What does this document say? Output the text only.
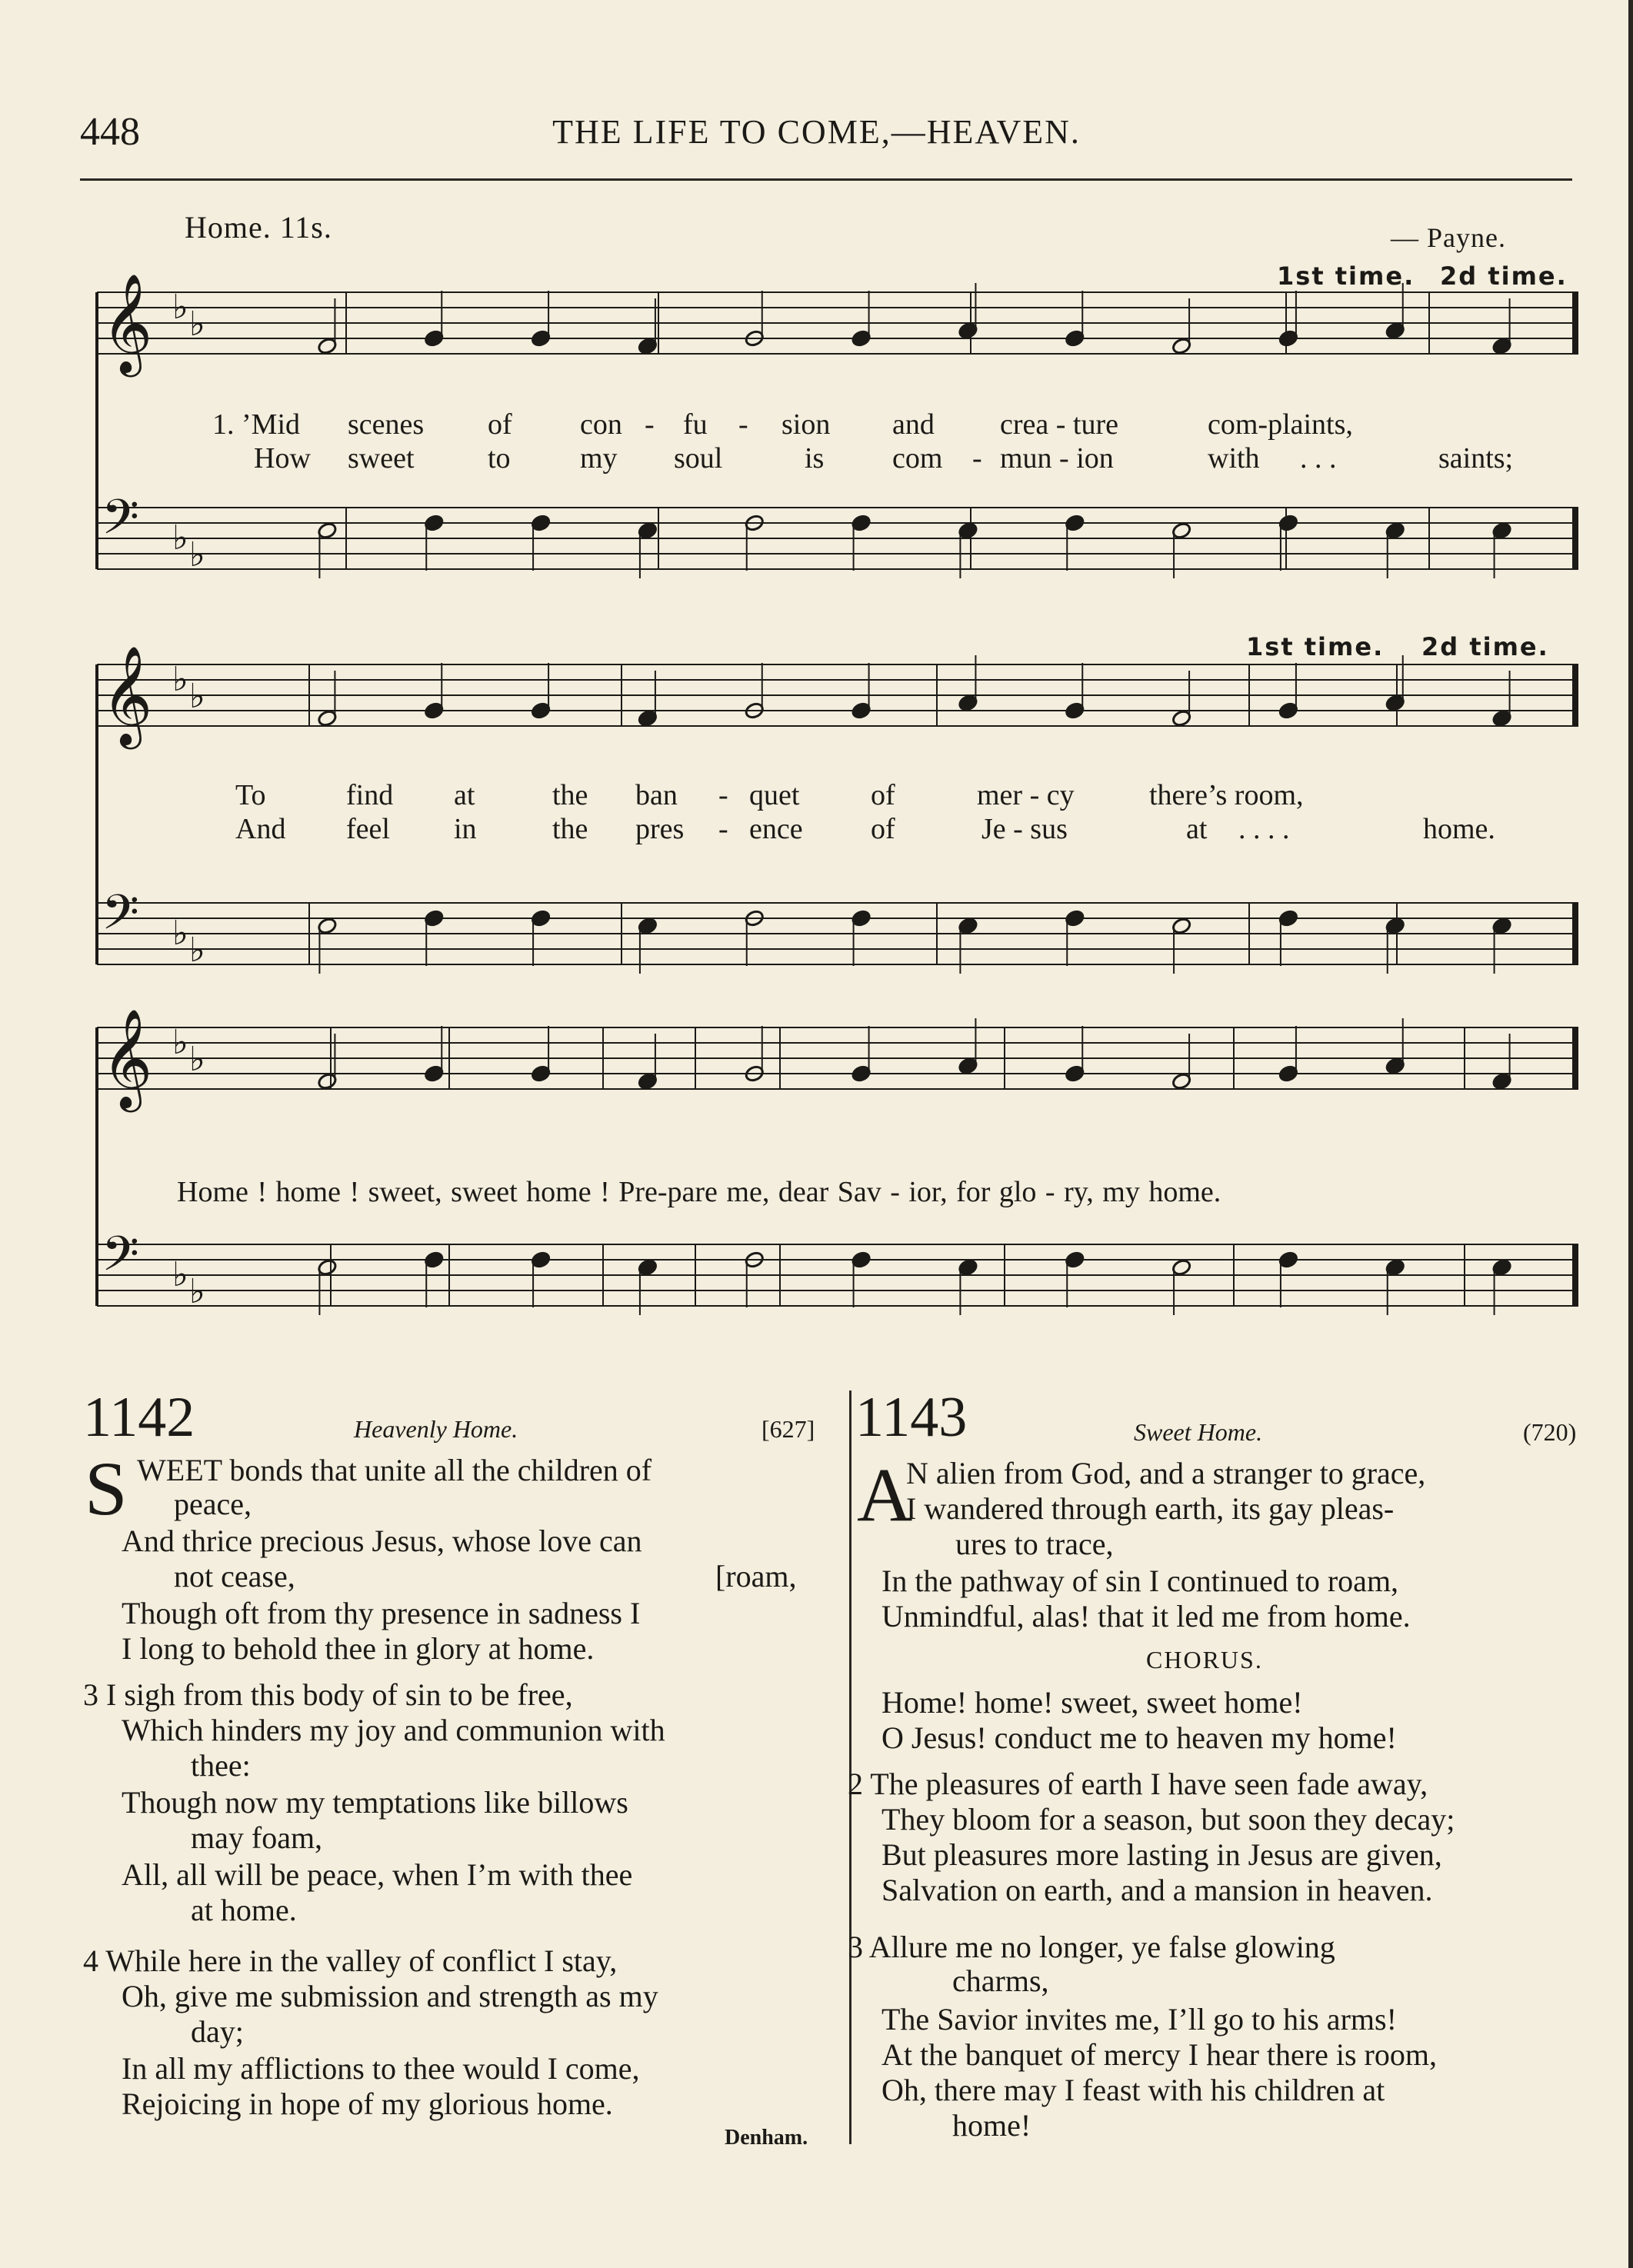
448	THE LIFE TO COME,—HEAVEN.
Home. 11s.	— Payne.
𝄞 ♭ ♭
𝄢 ♭ ♭
𝄞 ♭ ♭
𝄢 ♭ ♭
𝄞 ♭ ♭
𝄢 ♭ ♭
1st time. 2d time.
1st time. 2d time.
1. ’Mid scenes of con - fu - sion and crea - ture	com-plaints,
How sweet	to my soul	is com - mun - ion	with . . .	saints;
To	find at	the ban - quet of	mer - cy	there’s room,
And feel in	the pres - ence of	Je - sus	at . . . .	home.
Home ! home ! sweet, sweet home ! Pre-pare me, dear Sav - ior, for glo - ry, my home.
1142	Heavenly Home.	[627]
S WEET bonds that unite all the children of
peace,
And thrice precious Jesus, whose love can
not cease,	[roam,
Though oft from thy presence in sadness I
I long to behold thee in glory at home.
3 I sigh from this body of sin to be free,
Which hinders my joy and communion with
thee:
Though now my temptations like billows
may foam,
All, all will be peace, when I’m with thee
at home.
4 While here in the valley of conflict I stay,
Oh, give me submission and strength as my
day;
In all my afflictions to thee would I come,
Rejoicing in hope of my glorious home.
Denham.
1143	Sweet Home.	(720)
A
N alien from God, and a stranger to grace,
I wandered through earth, its gay pleas-
ures to trace,
In the pathway of sin I continued to roam,
Unmindful, alas! that it led me from home.
CHORUS.
Home! home! sweet, sweet home!
O Jesus! conduct me to heaven my home!
2 The pleasures of earth I have seen fade away,
They bloom for a season, but soon they decay;
But pleasures more lasting in Jesus are given,
Salvation on earth, and a mansion in heaven.
3 Allure me no longer, ye false glowing
charms,
The Savior invites me, I’ll go to his arms!
At the banquet of mercy I hear there is room,
Oh, there may I feast with his children at
home!
